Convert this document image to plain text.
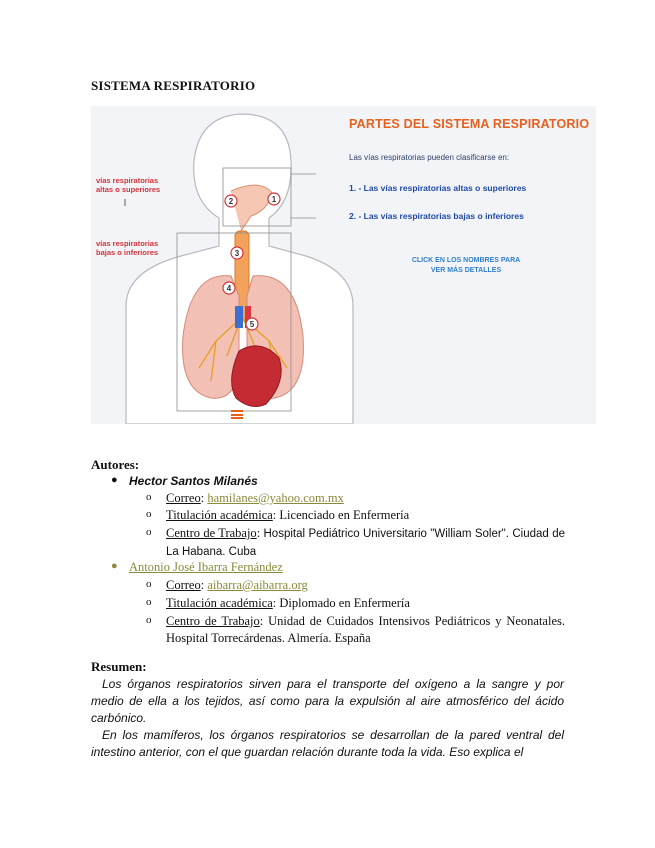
SISTEMA RESPIRATORIO
1
2
3
4
5
vías respiratorias altas o superiores
vías respiratorias bajas o inferiores
PARTES DEL SISTEMA RESPIRATORIO
Las vías respiratorias pueden clasificarse en:
1. - Las vías respiratorias altas o superiores
2. - Las vías respiratorias bajas o inferiores
CLICK EN LOS NOMBRES PARA VER MÁS DETALLES
Autores:
● Hector Santos Milanés
o Correo: hamilanes@yahoo.com.mx
o Titulación académica: Licenciado en Enfermería
o Centro de Trabajo: Hospital Pediátrico Universitario "William Soler". Ciudad de La Habana. Cuba
● Antonio José Ibarra Fernández
o Correo: aibarra@aibarra.org
o Titulación académica: Diplomado en Enfermería
o Centro de Trabajo: Unidad de Cuidados Intensivos Pediátricos y Neonatales. Hospital Torrecárdenas. Almería. España
Resumen:

Los órganos respiratorios sirven para el transporte del oxígeno a la sangre y por medio de ella a los tejidos, así como para la expulsión al aire atmosférico del ácido carbónico.

En los mamíferos, los órganos respiratorios se desarrollan de la pared ventral del intestino anterior, con el que guardan relación durante toda la vida. Eso explica el
